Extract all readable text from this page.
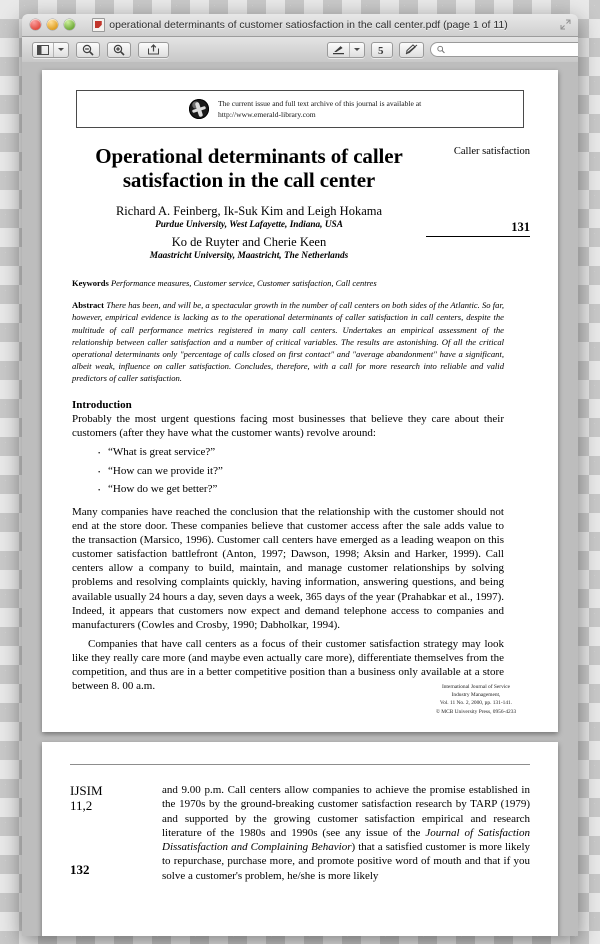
operational determinants of customer satiosfaction in the call center.pdf (page 1 of 11)
5
The current issue and full text archive of this journal is available at
http://www.emerald-library.com
Operational determinants of caller satisfaction in the call center
Caller satisfaction
131
Richard A. Feinberg, Ik-Suk Kim and Leigh Hokama
Purdue University, West Lafayette, Indiana, USA
Ko de Ruyter and Cherie Keen
Maastricht University, Maastricht, The Netherlands
Keywords Performance measures, Customer service, Customer satisfaction, Call centres
Abstract There has been, and will be, a spectacular growth in the number of call centers on both sides of the Atlantic. So far, however, empirical evidence is lacking as to the operational determinants of caller satisfaction in call centers, despite the multitude of call performance metrics registered in many call centers. Undertakes an empirical assessment of the relationship between caller satisfaction and a number of critical variables. The results are astonishing. Of all the critical operational determinants only "percentage of calls closed on first contact" and "average abandonment" have a significant, albeit weak, influence on caller satisfaction. Concludes, therefore, with a call for more research into reliable and valid predictors of caller satisfaction.
Introduction
Probably the most urgent questions facing most businesses that believe they care about their customers (after they have what the customer wants) revolve around:
· “What is great service?”
· “How can we provide it?”
· “How do we get better?”
Many companies have reached the conclusion that the relationship with the customer should not end at the store door. These companies believe that customer access after the sale adds value to the transaction (Marsico, 1996). Customer call centers have emerged as a leading weapon on this customer satisfaction battlefront (Anton, 1997; Dawson, 1998; Aksin and Harker, 1999). Call centers allow a company to build, maintain, and manage customer relationships by solving problems and resolving complaints quickly, having information, answering questions, and being available usually 24 hours a day, seven days a week, 365 days of the year (Prahabkar et al., 1997). Indeed, it appears that customers now expect and demand telephone access to companies and manufacturers (Cowles and Crosby, 1990; Dabholkar, 1994).
Companies that have call centers as a focus of their customer satisfaction strategy may look like they really care more (and maybe even actually care more), differentiate themselves from the competition, and thus are in a better competitive position than a business only available at a store between 8. 00 a.m.	International Journal of Service
Industry Management,
Vol. 11 No. 2, 2000, pp. 131-141.
© MCB University Press, 0956-4233
IJSIM
11,2
132
and 9.00 p.m. Call centers allow companies to achieve the promise established in the 1970s by the ground-breaking customer satisfaction research by TARP (1979) and supported by the growing customer satisfaction empirical and research literature of the 1980s and 1990s (see any issue of the Journal of Satisfaction Dissatisfaction and Complaining Behavior) that a satisfied customer is more likely to repurchase, purchase more, and promote positive word of mouth and that if you solve a customer's problem, he/she is more likely
